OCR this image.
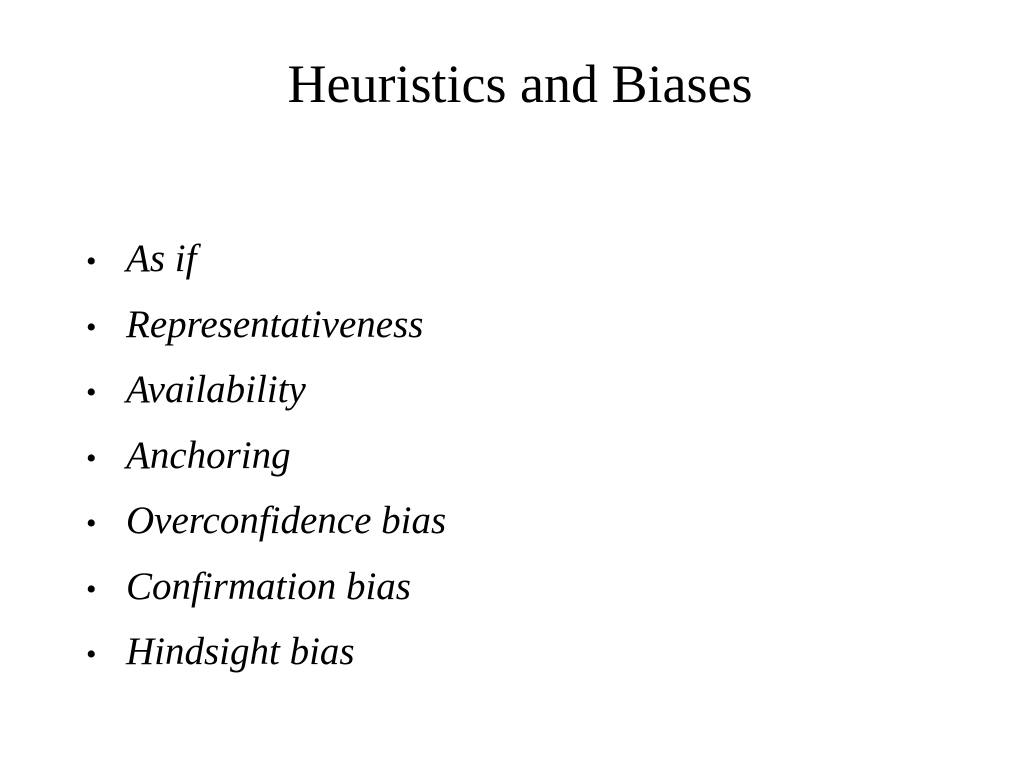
Heuristics and Biases
• As if
• Representativeness
• Availability
• Anchoring
• Overconfidence bias
• Confirmation bias
• Hindsight bias
